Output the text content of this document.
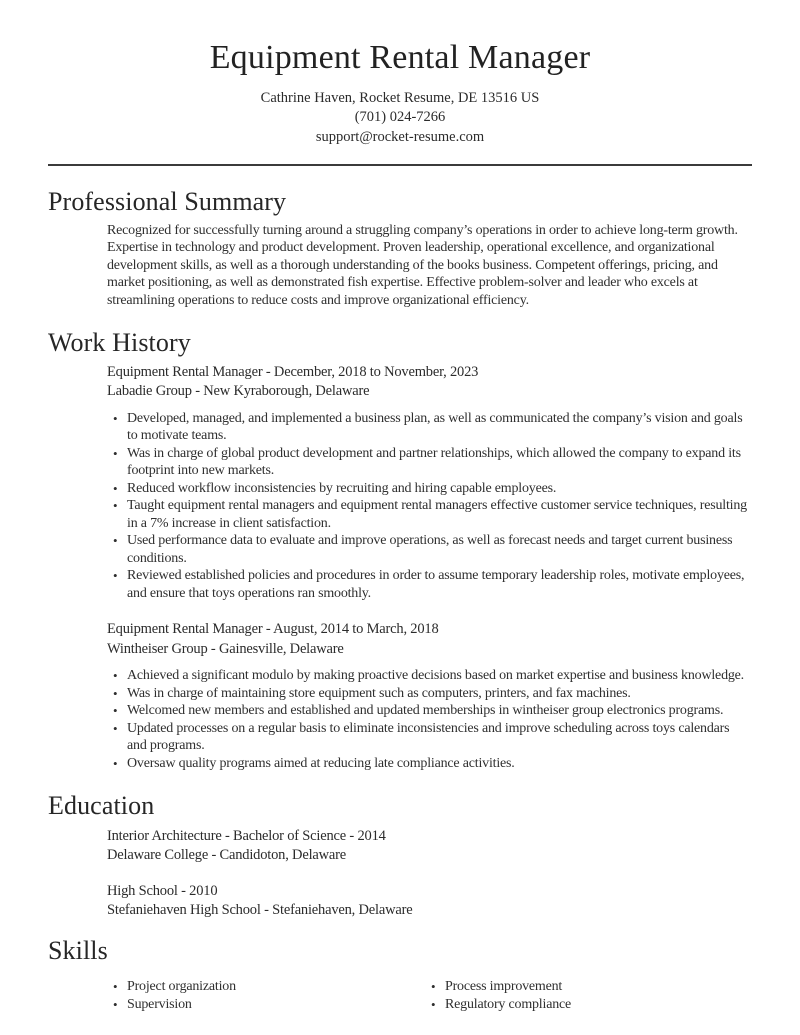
Equipment Rental Manager
Cathrine Haven, Rocket Resume, DE 13516 US
(701) 024-7266
support@rocket-resume.com
Professional Summary

Recognized for successfully turning around a struggling company’s operations in order to achieve long-term growth. Expertise in technology and product development. Proven leadership, operational excellence, and organizational development skills, as well as a thorough understanding of the books business. Competent offerings, pricing, and market positioning, as well as demonstrated fish expertise. Effective problem-solver and leader who excels at streamlining operations to reduce costs and improve organizational efficiency.

Work History
Equipment Rental Manager - December, 2018 to November, 2023
Labadie Group - New Kyraborough, Delaware
• Developed, managed, and implemented a business plan, as well as communicated the company’s vision and goals to motivate teams.
• Was in charge of global product development and partner relationships, which allowed the company to expand its footprint into new markets.
• Reduced workflow inconsistencies by recruiting and hiring capable employees.
• Taught equipment rental managers and equipment rental managers effective customer service techniques, resulting in a 7% increase in client satisfaction.
• Used performance data to evaluate and improve operations, as well as forecast needs and target current business conditions.
• Reviewed established policies and procedures in order to assume temporary leadership roles, motivate employees, and ensure that toys operations ran smoothly.
Equipment Rental Manager - August, 2014 to March, 2018
Wintheiser Group - Gainesville, Delaware
• Achieved a significant modulo by making proactive decisions based on market expertise and business knowledge.
• Was in charge of maintaining store equipment such as computers, printers, and fax machines.
• Welcomed new members and established and updated memberships in wintheiser group electronics programs.
• Updated processes on a regular basis to eliminate inconsistencies and improve scheduling across toys calendars and programs.
• Oversaw quality programs aimed at reducing late compliance activities.
Education
Interior Architecture - Bachelor of Science - 2014
Delaware College - Candidoton, Delaware
High School - 2010
Stefaniehaven High School - Stefaniehaven, Delaware
Skills
• Project organization
• Supervision
• Process improvement
• Regulatory compliance
